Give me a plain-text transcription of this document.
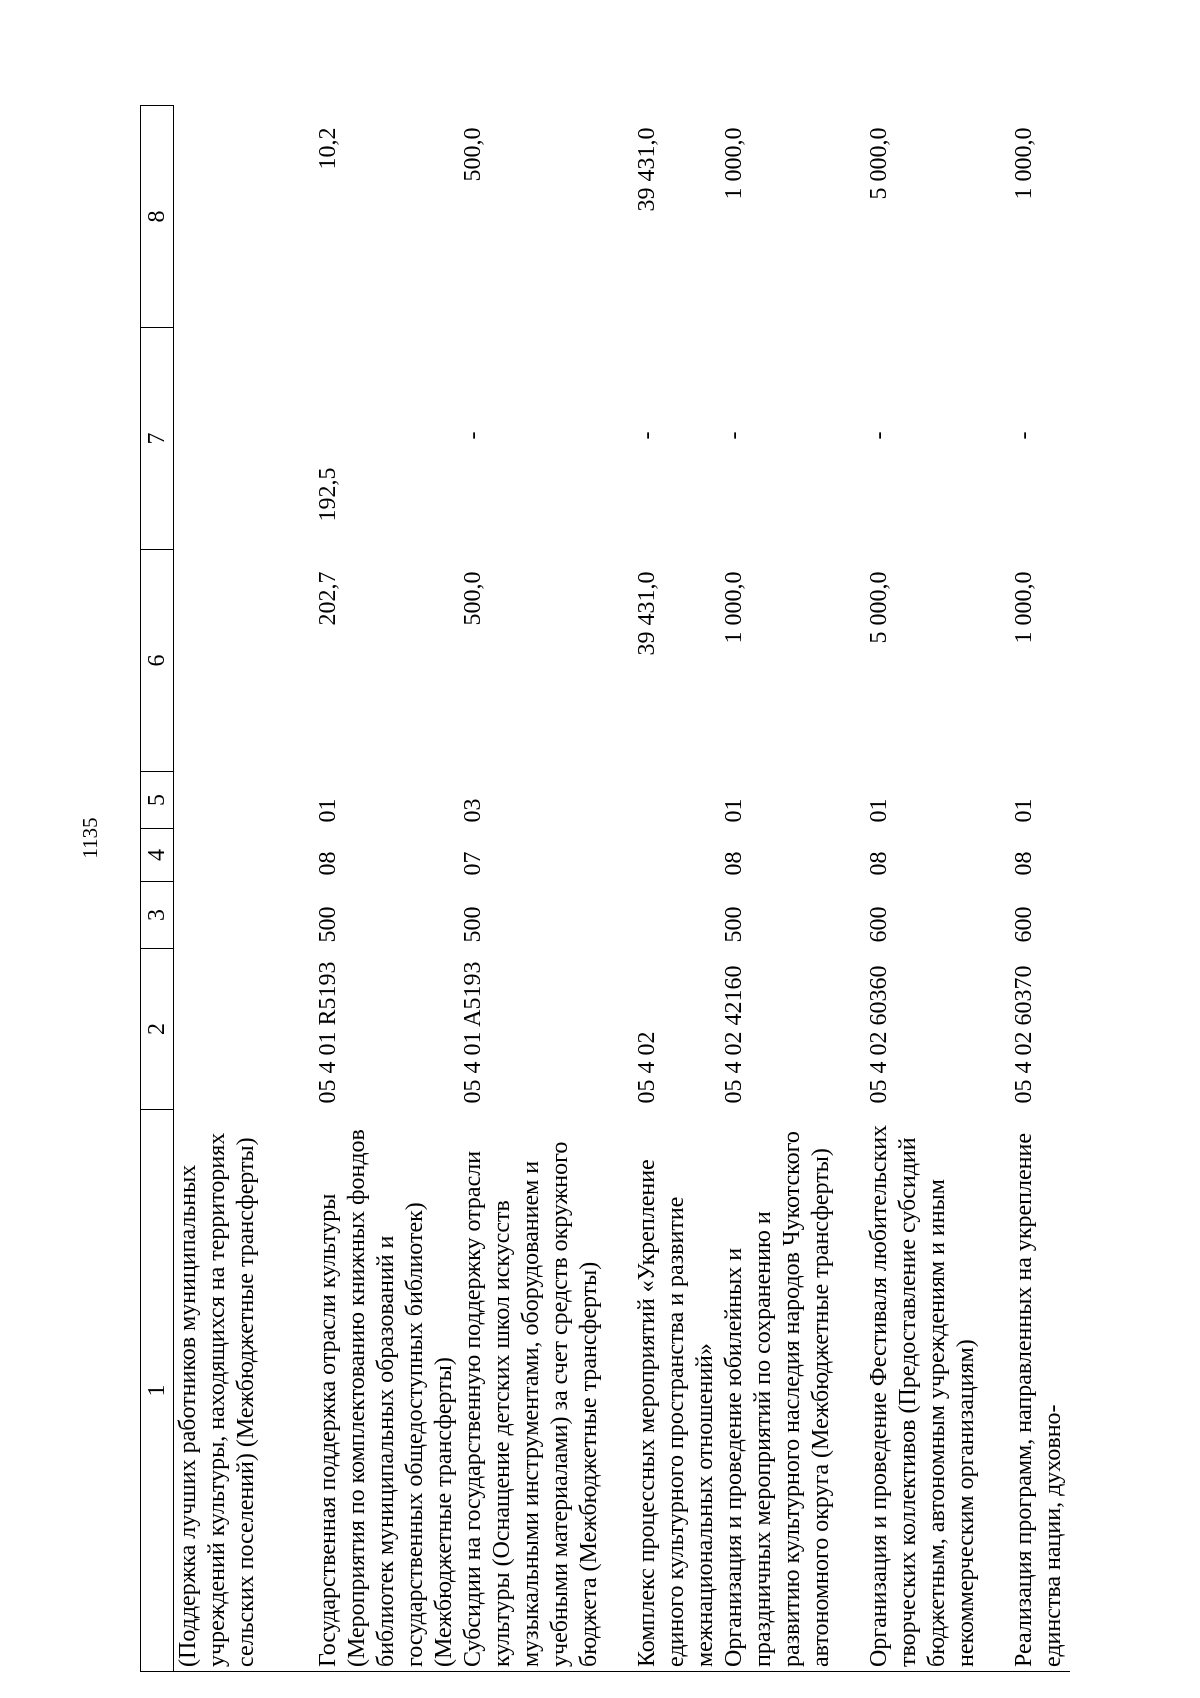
1135
1	2	3	4	5	6	7	8
(Поддержка лучших работников муниципальных учреждений культуры, находящихся на территориях сельских поселений) (Межбюджетные трансферты)							
Государственная поддержка отрасли культуры (Мероприятия по комплектованию книжных фондов библиотек муниципальных образований и государственных общедоступных библиотек) (Межбюджетные трансферты)	05 4 01 R5193	500	08	01	202,7	192,5	10,2
Субсидии на государственную поддержку отрасли культуры (Оснащение детских школ искусств музыкальными инструментами, оборудованием и учебными материалами) за счет средств окружного бюджета (Межбюджетные трансферты)	05 4 01 A5193	500	07	03	500,0	-	500,0
Комплекс процессных мероприятий «Укрепление единого культурного пространства и развитие межнациональных отношений»	05 4 02				39 431,0	-	39 431,0
Организация и проведение юбилейных и праздничных мероприятий по сохранению и развитию культурного наследия народов Чукотского автономного округа (Межбюджетные трансферты)	05 4 02 42160	500	08	01	1 000,0	-	1 000,0
Организация и проведение Фестиваля любительских творческих коллективов (Предоставление субсидий бюджетным, автономным учреждениям и иным некоммерческим организациям)	05 4 02 60360	600	08	01	5 000,0	-	5 000,0
Реализация программ, направленных на укрепление единства нации, духовно-	05 4 02 60370	600	08	01	1 000,0	-	1 000,0
